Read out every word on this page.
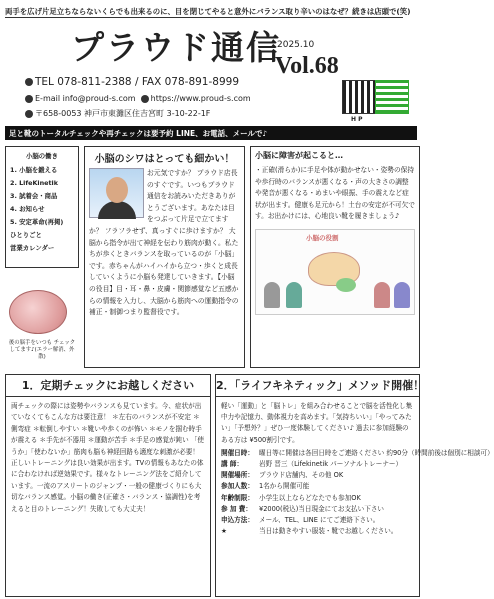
両手を広げ片足立ちならないくらでも出来るのに、目を閉じてやると意外にバランス取り辛いのはなぜ？続きは店頭で(笑)
プラウド通信
2025.10
Vol.68
TEL 078-811-2388 / FAX 078-891-8999
E-mail info@proud-s.com https://www.proud-s.com
〒658-0053 神戸市東灘区住吉宮町 3-10-22-1F
H P
足と靴のトータルチェックや再チェックは要予約 LINE、お電話、メールで♪
小脳の働き
1. 小脳を鍛える
2. LifeKinetik
3. 試着会・商品
4. お知らせ
5. 安定革命(再掲)
ひとりごと
営業カレンダー
後の脳手をいつも チェックしてます♪(エラー解消、外散)
小脳のシワはとっても細かい！
お元気ですか？ プラウド店長 のすぐです。いつもプラウド通信をお読みいただきありがとうございます。あなたは目をつぶって片足で立てますか？ フラフラせず、真っすぐに歩けますか？ 大脳から指令が出て神経を伝わり筋肉が動く。私たちが歩くときバランスを取っているのが「小脳」です。赤ちゃんがハイハイから立つ・歩くと成長していくように小脳も発達していきます。【小脳の役目】目・耳・鼻・皮膚・関節感覚など五感からの情報を入力し、大脳から筋肉への運動指令の補正・制御つまり監督役です。
小脳に障害が起こると…
・正確(滑らか)に手足や体が動かせない・姿勢の保持や歩行時のバランスが悪くなる・声の大きさの調整や発音が悪くなる・めまいや眼振、手の震えなど症状が出ます。健康も足元から！土台の安定が不可欠です。お出かけには、心地良い靴を履きましょう♪
小脳の役割
1．定期チェックにお越しください
両チェックの際には姿勢やバランスも見ています。今、症状が出ていなくてもこんな方は要注意！ ＊左右のバランスが不安定 ＊側弯症 ＊転倒しやすい ＊靴いや歩くのが怖い ＊モノを掴む時手が震える ＊手先が不器用 ＊運動が苦手 ＊手足の感覚が鈍い 「使うか」「使わないか」筋肉も脳も神経回路も適度な刺激が必要！正しいトレーニングは良い効果が出ます。TVの情報もあなたの体に合わなければ逆効果です。様々なトレーニング法をご紹介しています。一流のアスリートのジャンプ・一般の健康づくりにも大切なバランス感覚。小脳の働き(正確さ・バランス・協調性)を考えると目のトレーニング！失敗しても大丈夫！
2．「ライフキネティック」メソッド開催！
軽い「運動」と「脳トレ」を組み合わせることで脳を活性化し集中力や記憶力、動体視力を高めます。「気持ちいい」「やってみたい」「予想外？」ぜひ一度体験してください♪ 過去に参加経験のある方は ¥500割引です。
開催日時： 曜日等に開催は各回日時をご連絡ください 約90分（時間前後は個別に相談可）
講 師： 岩野 晋三（Lifekinetik パーソナルトレーナー）
開催場所： プラウド店舗内、その他 OK
参加人数： 1名から開催可能
年齢制限： 小学生以上ならどなたでも参加OK
参 加 費： ¥2000(税込)当日現金にてお支払い下さい
申込方法： メール、TEL、LINE にてご連絡下さい。
★	当日は動きやすい服装・靴でお越しください。
